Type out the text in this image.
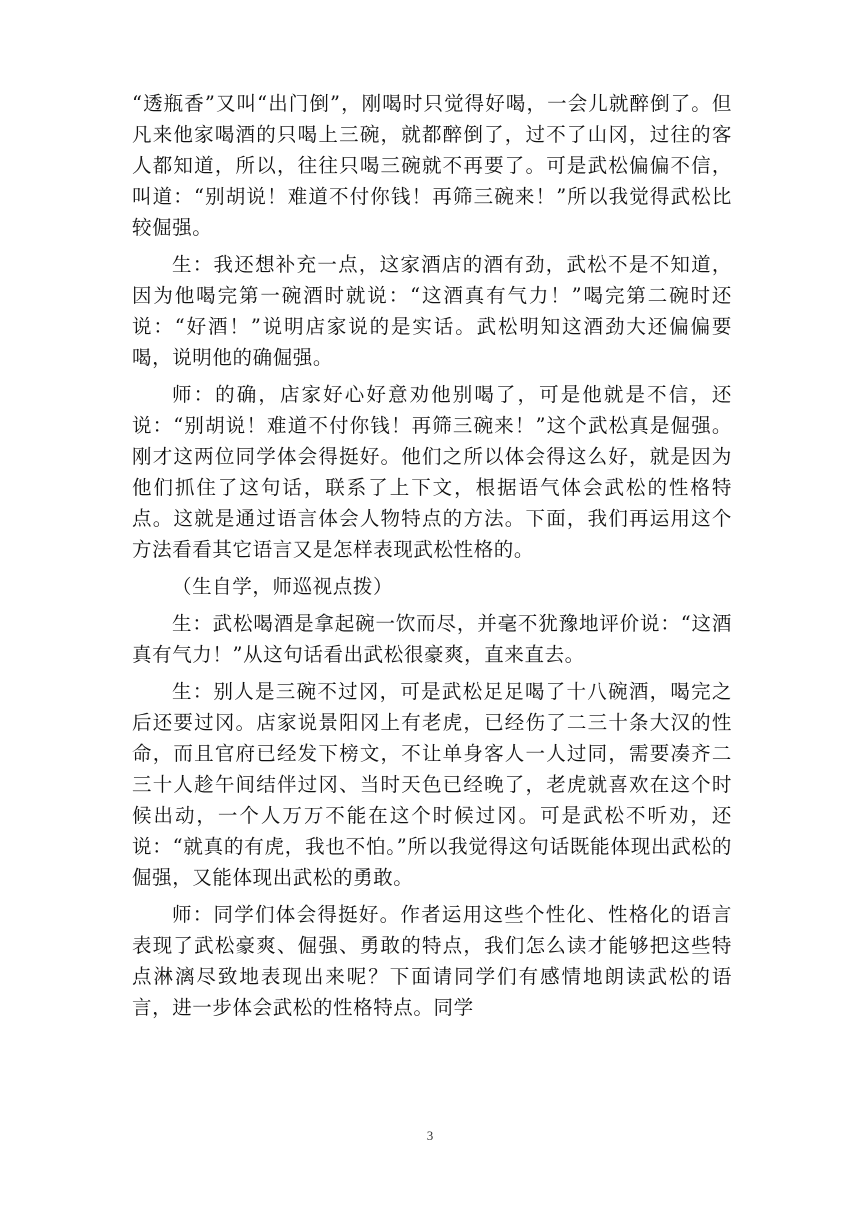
“透瓶香”又叫“出门倒”，刚喝时只觉得好喝，一会儿就醉倒了。但凡来他家喝酒的只喝上三碗，就都醉倒了，过不了山冈，过往的客人都知道，所以，往往只喝三碗就不再要了。可是武松偏偏不信，叫道：“别胡说！难道不付你钱！再筛三碗来！”所以我觉得武松比较倔强。

生：我还想补充一点，这家酒店的酒有劲，武松不是不知道，因为他喝完第一碗酒时就说：“这酒真有气力！”喝完第二碗时还说：“好酒！”说明店家说的是实话。武松明知这酒劲大还偏偏要喝，说明他的确倔强。

师：的确，店家好心好意劝他别喝了，可是他就是不信，还说：“别胡说！难道不付你钱！再筛三碗来！”这个武松真是倔强。刚才这两位同学体会得挺好。他们之所以体会得这么好，就是因为他们抓住了这句话，联系了上下文，根据语气体会武松的性格特点。这就是通过语言体会人物特点的方法。下面，我们再运用这个方法看看其它语言又是怎样表现武松性格的。

（生自学，师巡视点拨）

生：武松喝酒是拿起碗一饮而尽，并毫不犹豫地评价说：“这酒真有气力！”从这句话看出武松很豪爽，直来直去。

生：别人是三碗不过冈，可是武松足足喝了十八碗酒，喝完之后还要过冈。店家说景阳冈上有老虎，已经伤了二三十条大汉的性命，而且官府已经发下榜文，不让单身客人一人过同，需要凑齐二三十人趁午间结伴过冈、当时天色已经晚了，老虎就喜欢在这个时候出动，一个人万万不能在这个时候过冈。可是武松不听劝，还说：“就真的有虎，我也不怕。”所以我觉得这句话既能体现出武松的倔强，又能体现出武松的勇敢。

师：同学们体会得挺好。作者运用这些个性化、性格化的语言表现了武松豪爽、倔强、勇敢的特点，我们怎么读才能够把这些特点淋漓尽致地表现出来呢？下面请同学们有感情地朗读武松的语言，进一步体会武松的性格特点。同学

3
